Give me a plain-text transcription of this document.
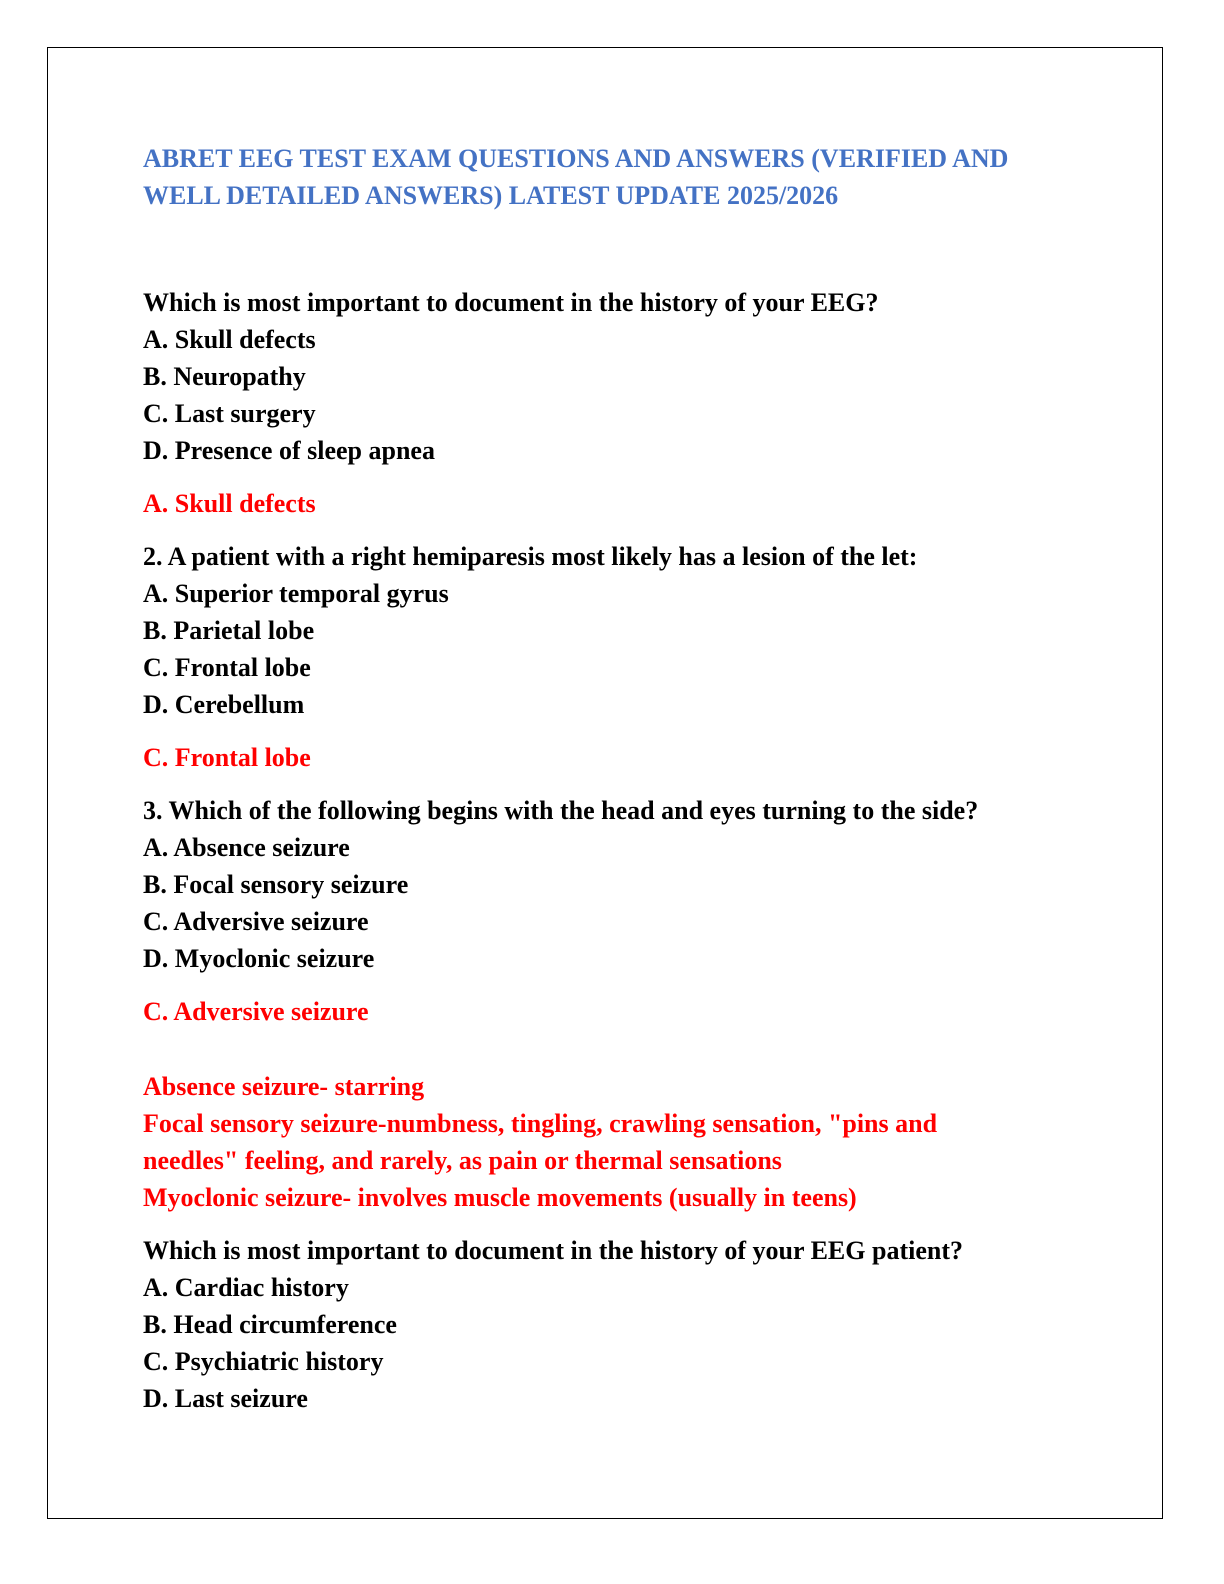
ABRET EEG TEST EXAM QUESTIONS AND ANSWERS (VERIFIED AND
WELL DETAILED ANSWERS) LATEST UPDATE 2025/2026
Which is most important to document in the history of your EEG?
A. Skull defects
B. Neuropathy
C. Last surgery
D. Presence of sleep apnea
A. Skull defects
2. A patient with a right hemiparesis most likely has a lesion of the let:
A. Superior temporal gyrus
B. Parietal lobe
C. Frontal lobe
D. Cerebellum
C. Frontal lobe
3. Which of the following begins with the head and eyes turning to the side?
A. Absence seizure
B. Focal sensory seizure
C. Adversive seizure
D. Myoclonic seizure
C. Adversive seizure
Absence seizure- starring
Focal sensory seizure-numbness, tingling, crawling sensation, "pins and
needles" feeling, and rarely, as pain or thermal sensations
Myoclonic seizure- involves muscle movements (usually in teens)
Which is most important to document in the history of your EEG patient?
A. Cardiac history
B. Head circumference
C. Psychiatric history
D. Last seizure
